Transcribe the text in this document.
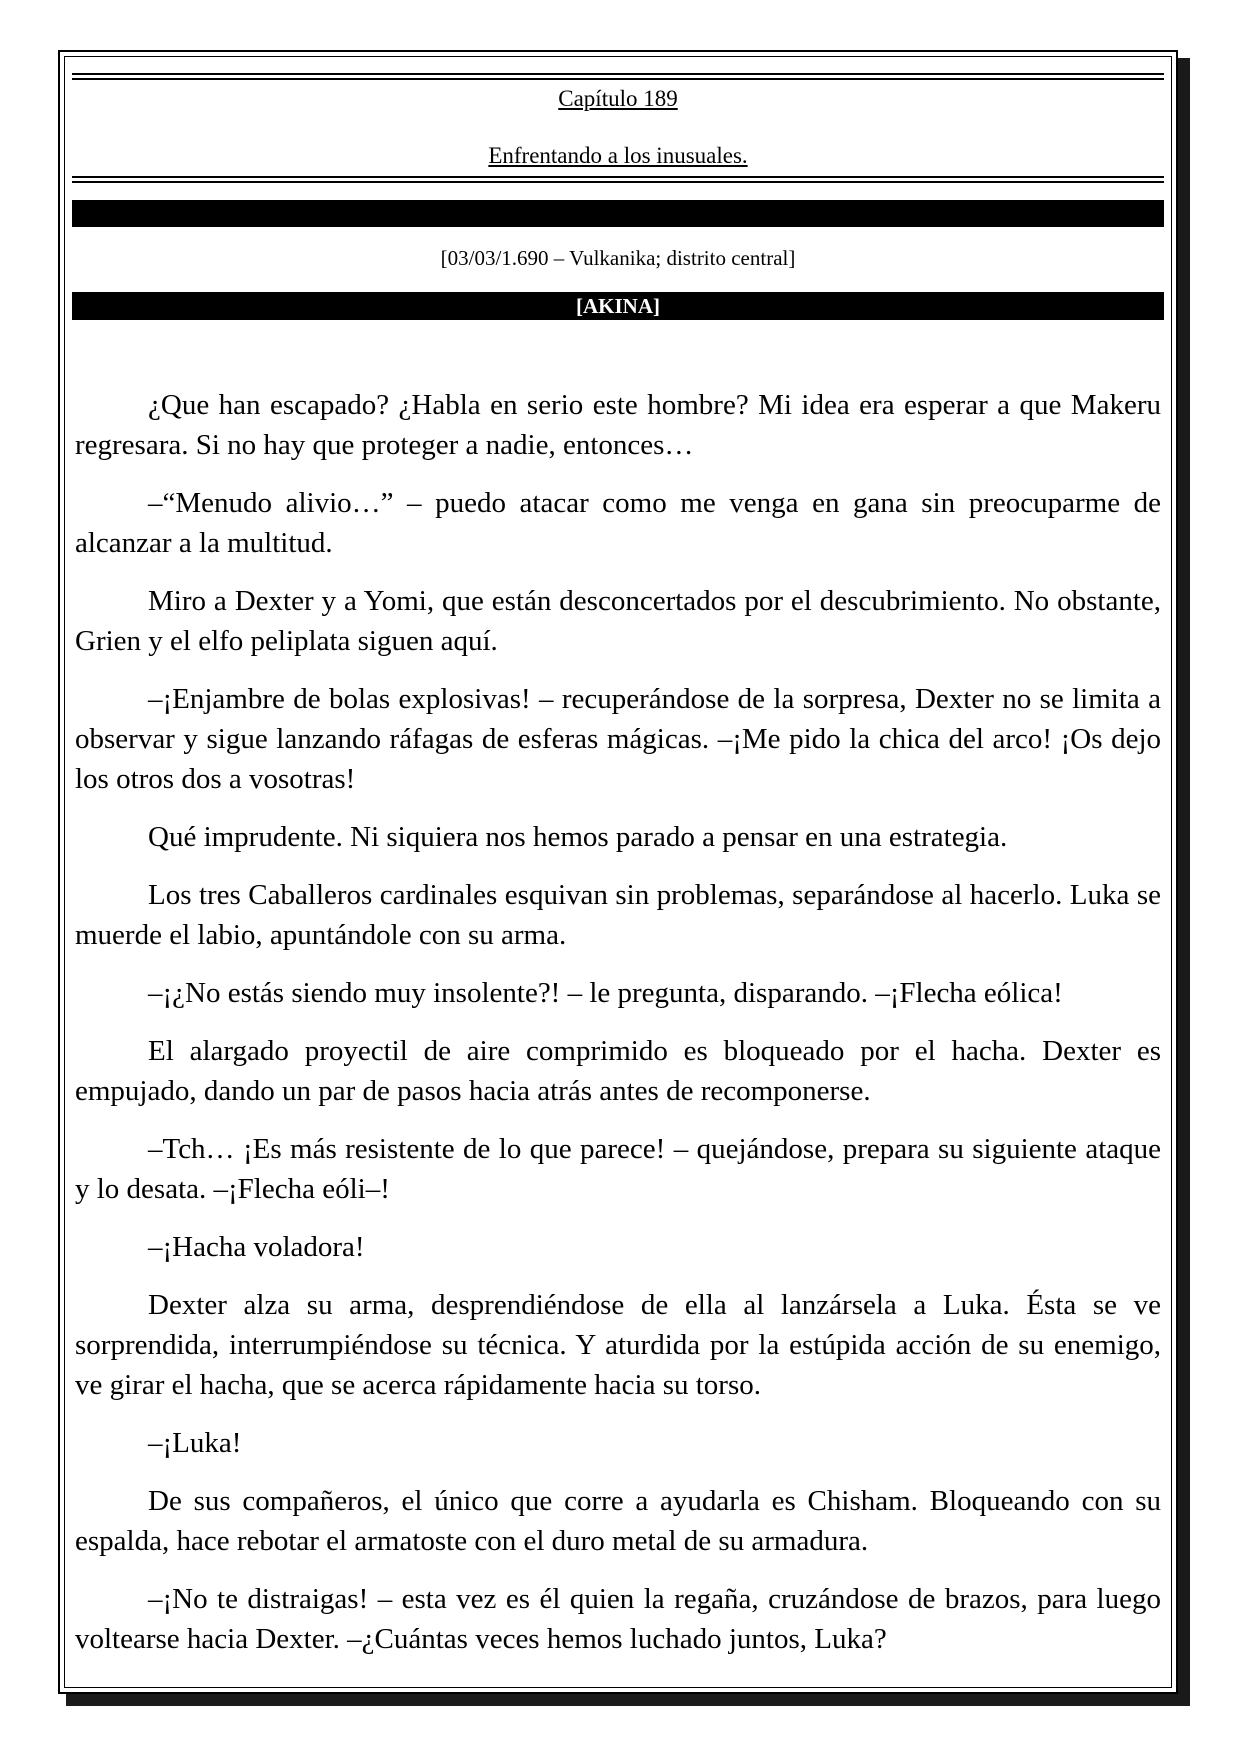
Capítulo 189
Enfrentando a los inusuales.
[03/03/1.690 – Vulkanika; distrito central]
[AKINA]

¿Que han escapado? ¿Habla en serio este hombre? Mi idea era esperar a que Makeru regresara. Si no hay que proteger a nadie, entonces…

–“Menudo alivio…” – puedo atacar como me venga en gana sin preocuparme de alcanzar a la multitud.

Miro a Dexter y a Yomi, que están desconcertados por el descubrimiento. No obstante, Grien y el elfo peliplata siguen aquí.

–¡Enjambre de bolas explosivas! – recuperándose de la sorpresa, Dexter no se limita a observar y sigue lanzando ráfagas de esferas mágicas. –¡Me pido la chica del arco! ¡Os dejo los otros dos a vosotras!

Qué imprudente. Ni siquiera nos hemos parado a pensar en una estrategia.

Los tres Caballeros cardinales esquivan sin problemas, separándose al hacerlo. Luka se muerde el labio, apuntándole con su arma.

–¡¿No estás siendo muy insolente?! – le pregunta, disparando. –¡Flecha eólica!

El alargado proyectil de aire comprimido es bloqueado por el hacha. Dexter es empujado, dando un par de pasos hacia atrás antes de recomponerse.

–Tch… ¡Es más resistente de lo que parece! – quejándose, prepara su siguiente ataque y lo desata. –¡Flecha eóli–!

–¡Hacha voladora!

Dexter alza su arma, desprendiéndose de ella al lanzársela a Luka. Ésta se ve sorprendida, interrumpiéndose su técnica. Y aturdida por la estúpida acción de su enemigo, ve girar el hacha, que se acerca rápidamente hacia su torso.

–¡Luka!

De sus compañeros, el único que corre a ayudarla es Chisham. Bloqueando con su espalda, hace rebotar el armatoste con el duro metal de su armadura.

–¡No te distraigas! – esta vez es él quien la regaña, cruzándose de brazos, para luego voltearse hacia Dexter. –¿Cuántas veces hemos luchado juntos, Luka?
